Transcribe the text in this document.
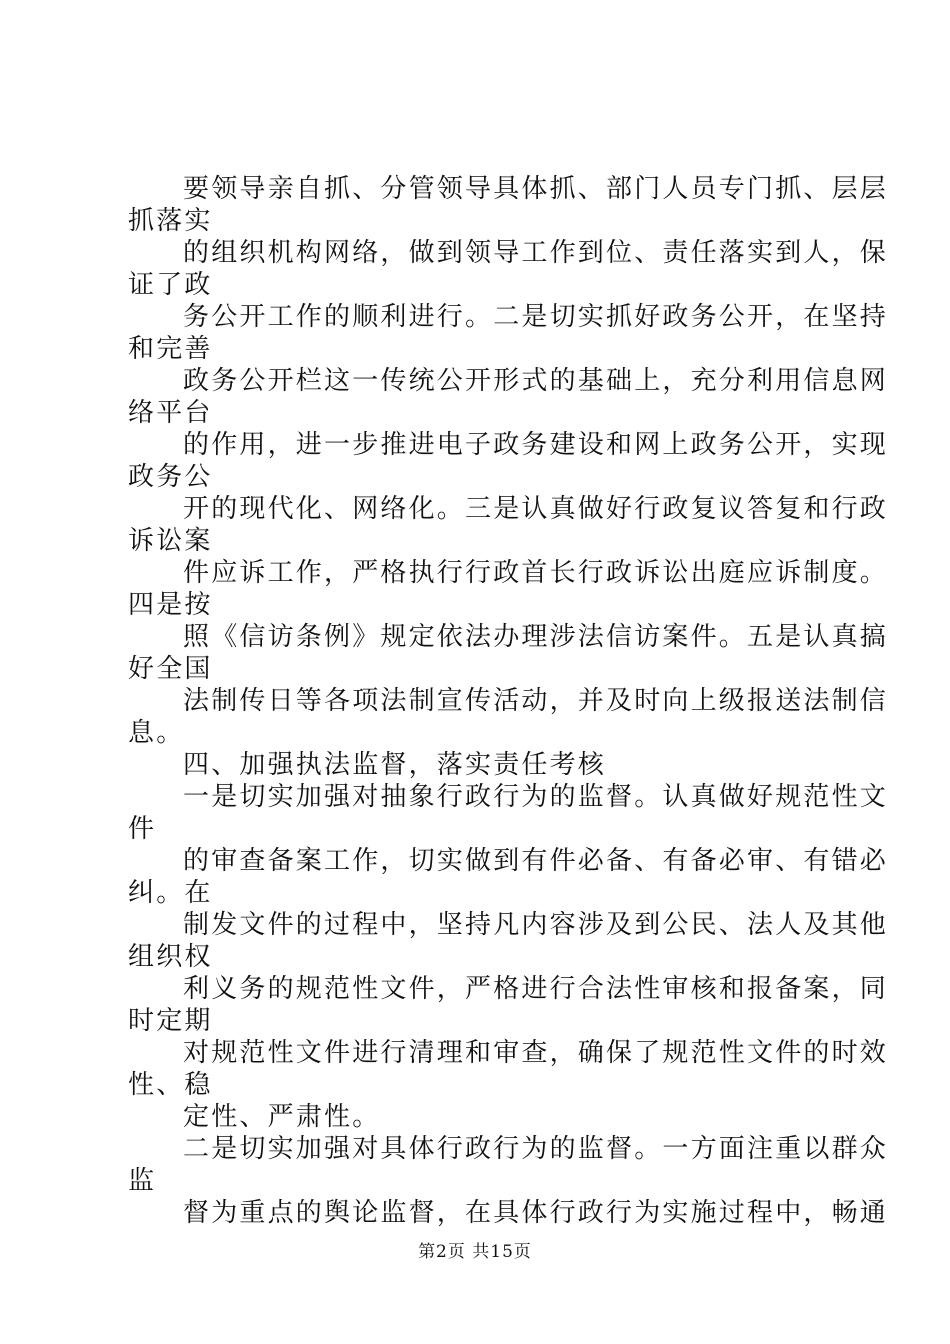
要领导亲自抓、分管领导具体抓、部门人员专门抓、层层
抓落实
的组织机构网络，做到领导工作到位、责任落实到人，保
证了政
务公开工作的顺利进行。二是切实抓好政务公开，在坚持
和完善
政务公开栏这一传统公开形式的基础上，充分利用信息网
络平台
的作用，进一步推进电子政务建设和网上政务公开，实现
政务公
开的现代化、网络化。三是认真做好行政复议答复和行政
诉讼案
件应诉工作，严格执行行政首长行政诉讼出庭应诉制度。
四是按
照《信访条例》规定依法办理涉法信访案件。五是认真搞
好全国
法制传日等各项法制宣传活动，并及时向上级报送法制信
息。
四、加强执法监督，落实责任考核
一是切实加强对抽象行政行为的监督。认真做好规范性文
件
的审查备案工作，切实做到有件必备、有备必审、有错必
纠。在
制发文件的过程中，坚持凡内容涉及到公民、法人及其他
组织权
利义务的规范性文件，严格进行合法性审核和报备案，同
时定期
对规范性文件进行清理和审查，确保了规范性文件的时效
性、稳
定性、严肃性。
二是切实加强对具体行政行为的监督。一方面注重以群众
监
督为重点的舆论监督，在具体行政行为实施过程中，畅通
第2页 共15页
